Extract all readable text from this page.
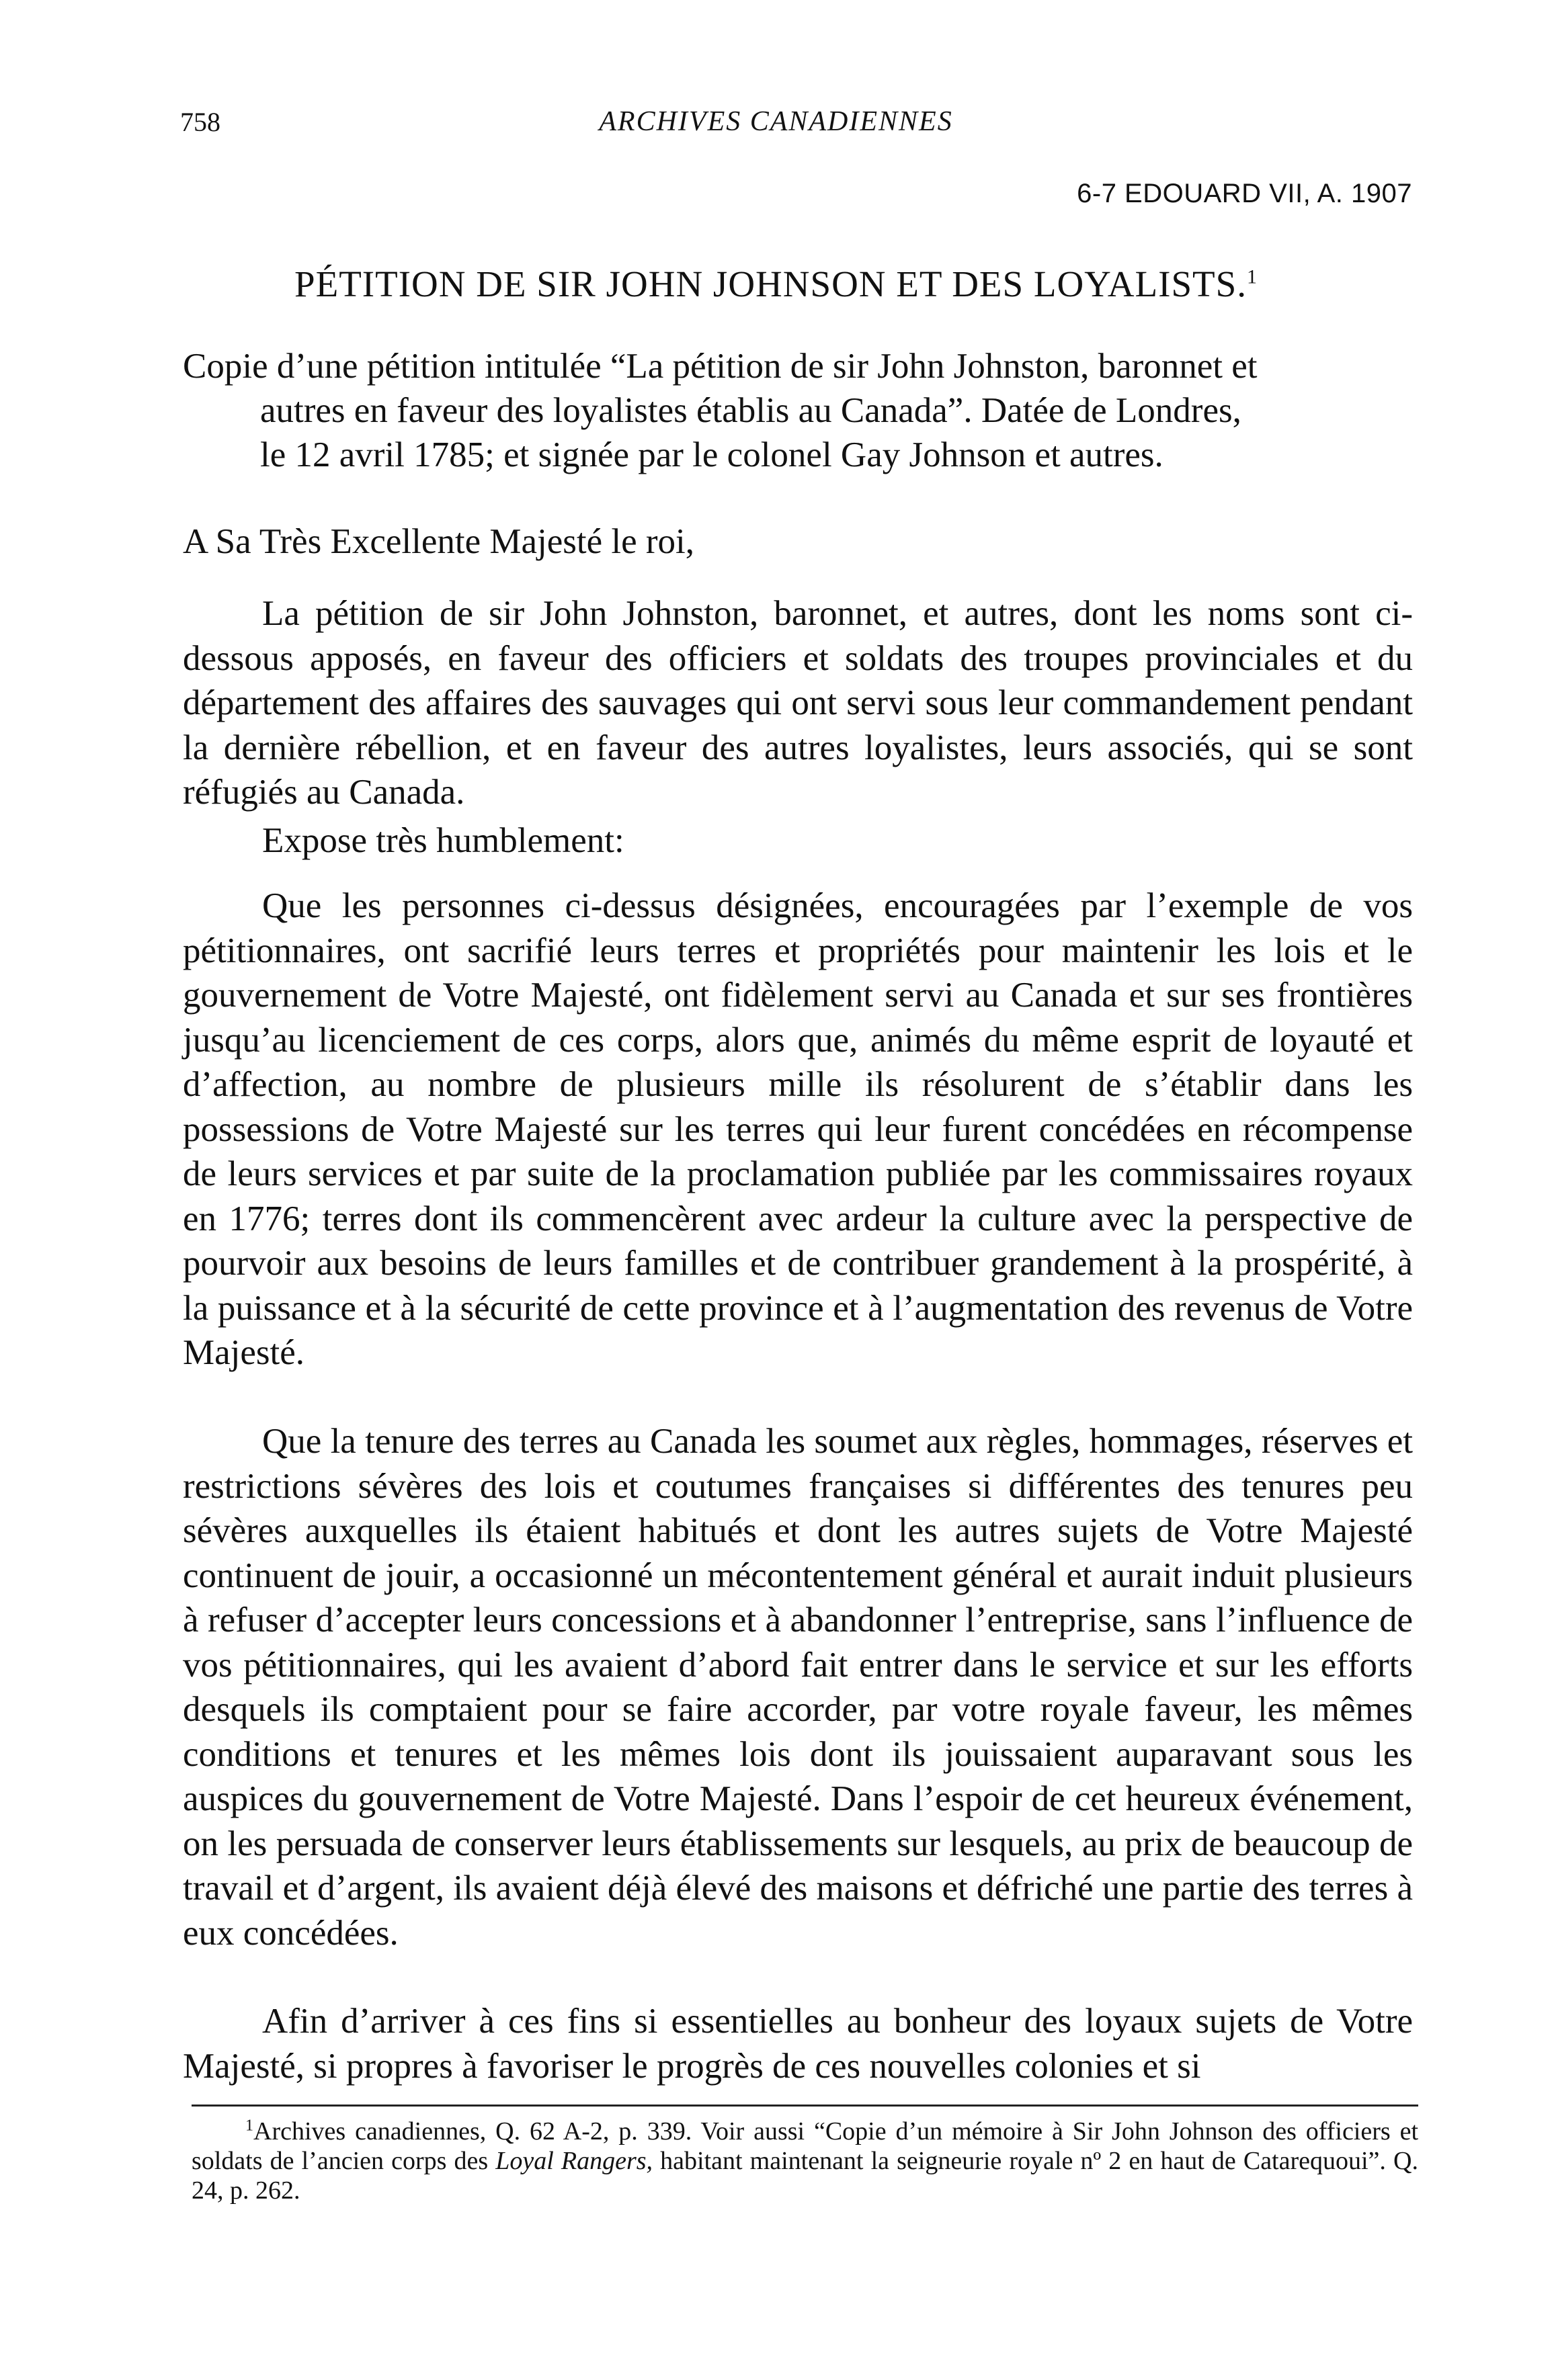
758	ARCHIVES CANADIENNES
6-7 EDOUARD VII, A. 1907
PÉTITION DE SIR JOHN JOHNSON ET DES LOYALISTS.$^1$
Copie d’une pétition intitulée “La pétition de sir John Johnston, baronnet et
autres en faveur des loyalistes établis au Canada”. Datée de Londres,
le 12 avril 1785; et signée par le colonel Gay Johnson et autres.
A Sa Très Excellente Majesté le roi,

La pétition de sir John Johnston, baronnet, et autres, dont les noms sont ci-dessous apposés, en faveur des officiers et soldats des troupes provinciales et du département des affaires des sauvages qui ont servi sous leur commandement pendant la dernière rébellion, et en faveur des autres loyalistes, leurs associés, qui se sont réfugiés au Canada.

Expose très humblement:

Que les personnes ci-dessus désignées, encouragées par l’exemple de vos pétitionnaires, ont sacrifié leurs terres et propriétés pour maintenir les lois et le gouvernement de Votre Majesté, ont fidèlement servi au Canada et sur ses frontières jusqu’au licenciement de ces corps, alors que, animés du même esprit de loyauté et d’affection, au nombre de plusieurs mille ils résolurent de s’établir dans les possessions de Votre Majesté sur les terres qui leur furent concédées en récompense de leurs services et par suite de la proclamation publiée par les commissaires royaux en 1776; terres dont ils commencèrent avec ardeur la culture avec la perspective de pourvoir aux besoins de leurs familles et de contribuer grandement à la prospérité, à la puissance et à la sécurité de cette province et à l’augmentation des revenus de Votre Majesté.

Que la tenure des terres au Canada les soumet aux règles, hommages, réserves et restrictions sévères des lois et coutumes françaises si différentes des tenures peu sévères auxquelles ils étaient habitués et dont les autres sujets de Votre Majesté continuent de jouir, a occasionné un mécontentement général et aurait induit plusieurs à refuser d’accepter leurs concessions et à abandonner l’entreprise, sans l’influence de vos pétitionnaires, qui les avaient d’abord fait entrer dans le service et sur les efforts desquels ils comptaient pour se faire accorder, par votre royale faveur, les mêmes conditions et tenures et les mêmes lois dont ils jouissaient auparavant sous les auspices du gouvernement de Votre Majesté. Dans l’espoir de cet heureux événement, on les persuada de conserver leurs établissements sur lesquels, au prix de beaucoup de travail et d’argent, ils avaient déjà élevé des maisons et défriché une partie des terres à eux concédées.

Afin d’arriver à ces fins si essentielles au bonheur des loyaux sujets de Votre Majesté, si propres à favoriser le progrès de ces nouvelles colonies et si

$^1$Archives canadiennes, Q. 62 A-2, p. 339. Voir aussi “Copie d’un mémoire à Sir John Johnson des officiers et soldats de l’ancien corps des Loyal Rangers, habitant maintenant la seigneurie royale nº 2 en haut de Catarequoui”. Q. 24, p. 262.
